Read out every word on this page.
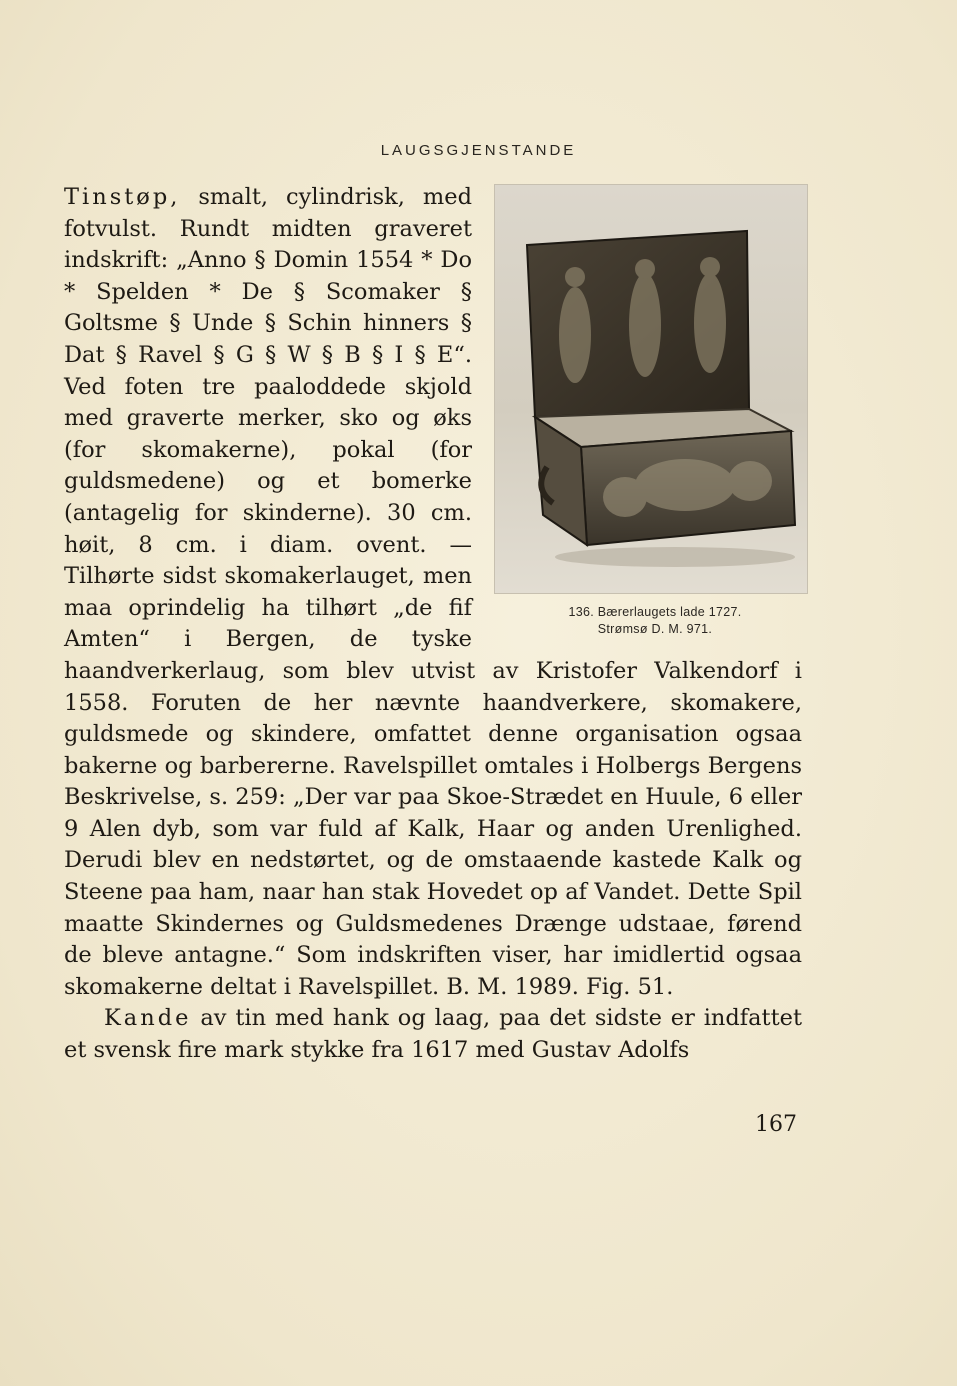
LAUGSGJENSTANDE
136. Bærerlaugets lade 1727.
Strømsø D. M. 971.

Tinstøp, smalt, cylindrisk, med fotvulst. Rundt midten graveret indskrift: „Anno § Domin 1554 * Do * Spelden * De § Scomaker § Goltsme § Unde § Schin hinners § Dat § Ravel § G § W § B § I § E“. Ved foten tre paaloddede skjold med graverte merker, sko og øks (for skomakerne), pokal (for guldsmedene) og et bomerke (antagelig for skinderne). 30 cm. høit, 8 cm. i diam. ovent. — Tilhørte sidst skomakerlauget, men maa oprindelig ha tilhørt „de fif Amten“ i Bergen, de tyske haandverkerlaug, som blev utvist av Kristofer Valkendorf i 1558. Foruten de her nævnte haandverkere, skomakere, guldsmede og skindere, omfattet denne organisation ogsaa bakerne og barbererne. Ravelspillet omtales i Holbergs Bergens Beskrivelse, s. 259: „Der var paa Skoe-Strædet en Huule, 6 eller 9 Alen dyb, som var fuld af Kalk, Haar og anden Urenlighed. Derudi blev en nedstørtet, og de omstaaende kastede Kalk og Steene paa ham, naar han stak Hovedet op af Vandet. Dette Spil maatte Skindernes og Guldsmedenes Drænge udstaae, førend de bleve antagne.“ Som indskriften viser, har imidlertid ogsaa skomakerne deltat i Ravelspillet. B. M. 1989. Fig. 51.

Kande av tin med hank og laag, paa det sidste er indfattet et svensk fire mark stykke fra 1617 med Gustav Adolfs

167
